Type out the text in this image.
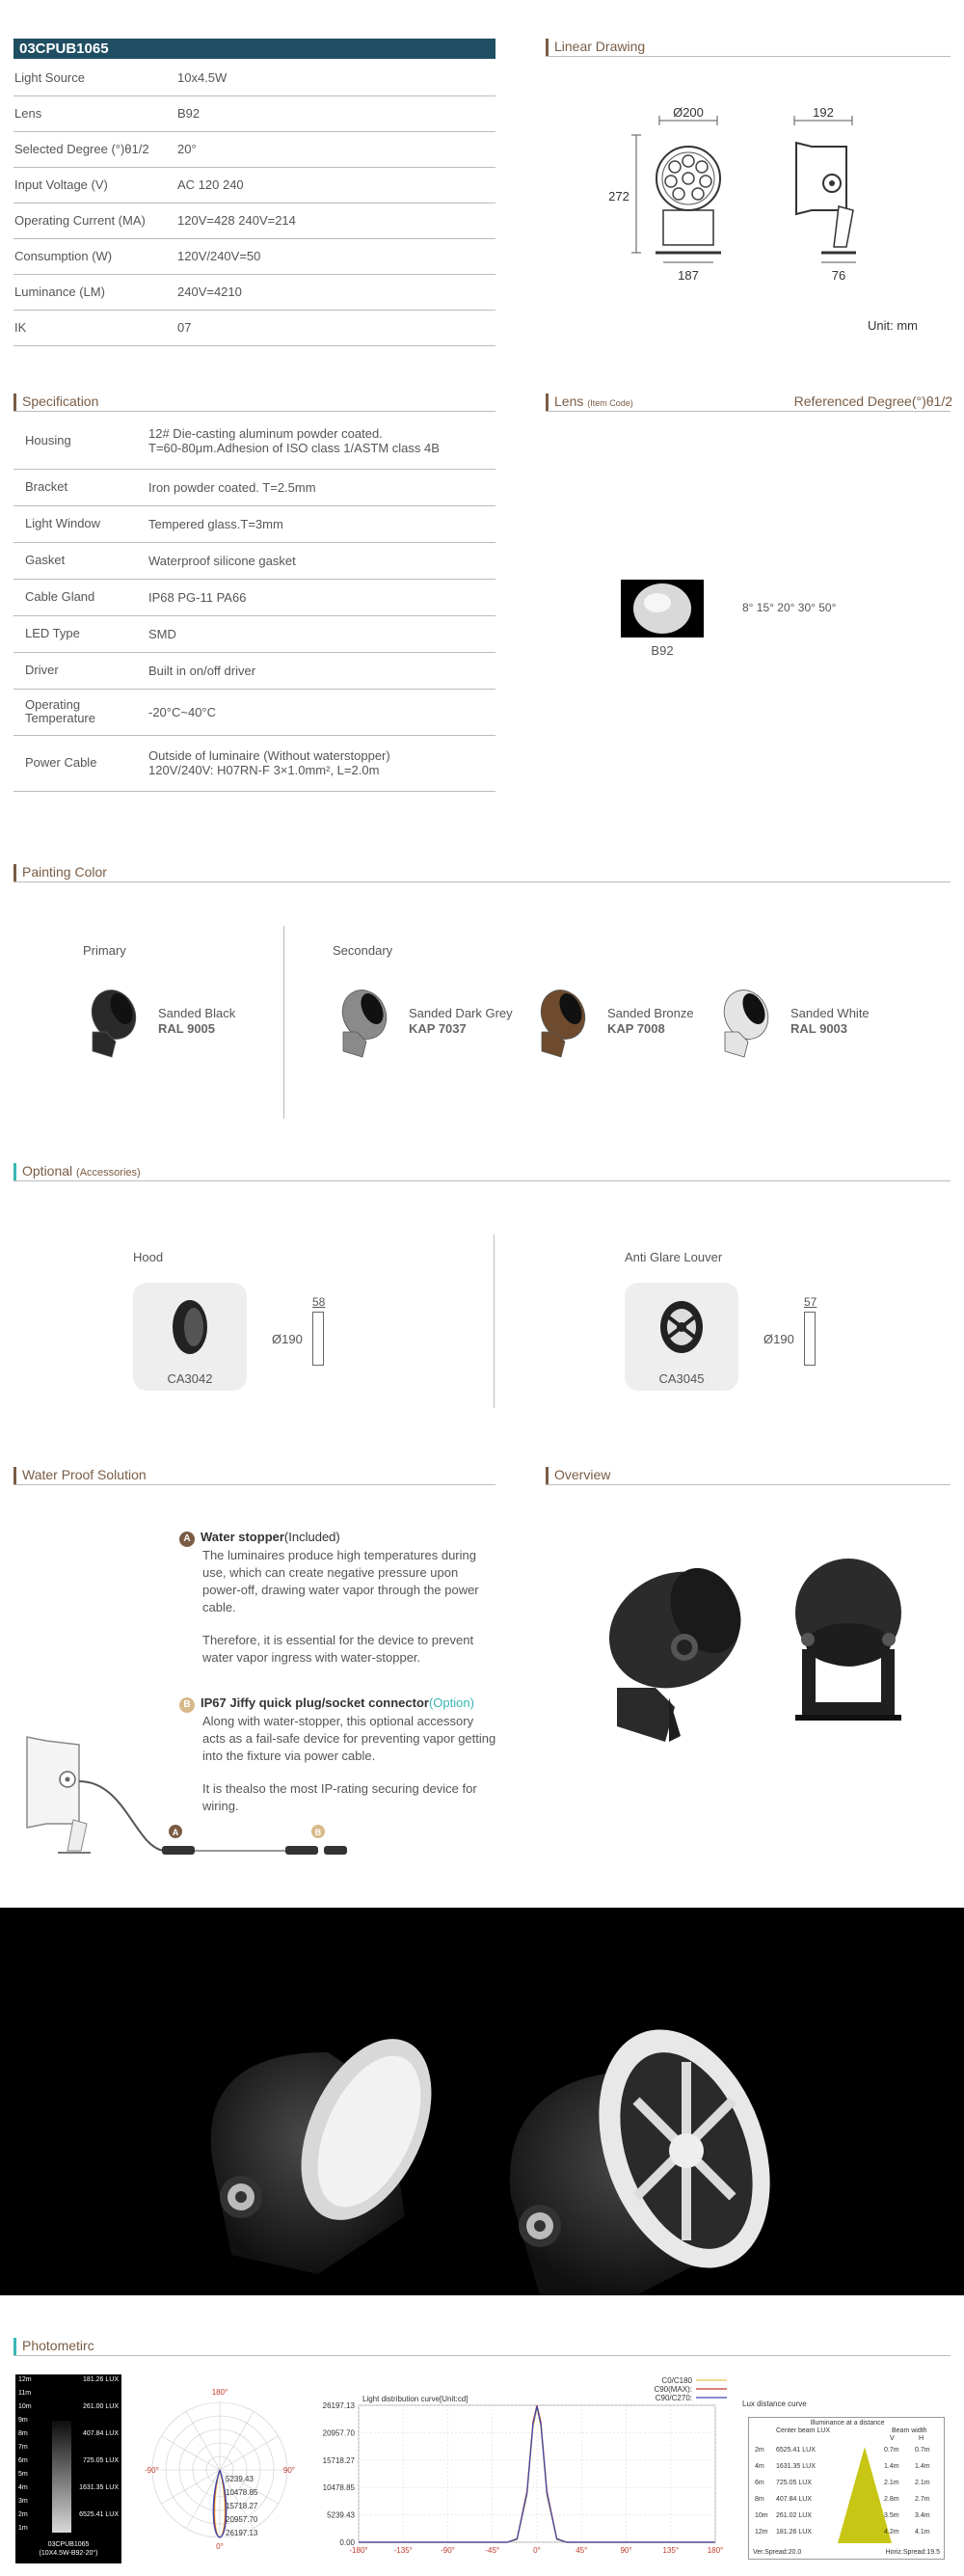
03CPUB1065
Light Source	10x4.5W
Lens	B92
Selected Degree (°)θ1/2	20°
Input Voltage (V)	AC 120 240
Operating Current (MA)	120V=428 240V=214
Consumption (W)	120V/240V=50
Luminance (LM)	240V=4210
IK	07
Linear Drawing
Ø200
272
187
192
76
Unit: mm
Specification
Housing	12# Die-casting aluminum powder coated.
T=60-80μm.Adhesion of ISO class 1/ASTM class 4B

Bracket	Iron powder coated. T=2.5mm

Light Window	Tempered glass.T=3mm

Gasket	Waterproof silicone gasket

Cable Gland	IP68 PG-11 PA66

LED Type	SMD

Driver	Built in on/off driver

Operating Temperature	-20°C~40°C

Power Cable	Outside of luminaire (Without waterstopper)
120V/240V: H07RN-F 3×1.0mm², L=2.0m
Lens (Item Code)	Referenced Degree(°)θ1/2
B92
8° 15° 20° 30° 50°
Painting Color
Primary	Secondary
Sanded Black
RAL 9005
Sanded Dark Grey
KAP 7037
Sanded Bronze
KAP 7008
Sanded White
RAL 9003
Optional (Accessories)
Hood
CA3042
58
Ø190
Anti Glare Louver
CA3045
57
Ø190
Water Proof Solution
A Water stopper(Included)
The luminaires produce high temperatures during use, which can create negative pressure upon power-off, drawing water vapor through the power cable.
Therefore, it is essential for the device to prevent water vapor ingress with water-stopper.
B IP67 Jiffy quick plug/socket connector(Option)
Along with water-stopper, this optional accessory acts as a fail-safe device for preventing vapor getting into the fixture via power cable.
It is thealso the most IP-rating securing device for wiring.
A	B
Overview
Photometirc
12m	181.26 LUX
11m
10m	261.00 LUX
9m
8m	407.84 LUX
7m
6m	725.05 LUX
5m
4m	1631.35 LUX
3m
2m	6525.41 LUX
1m
03CPUB1065
(10X4.5W-B92-20°)
180°
-90°	90°
0°
5239.43
10478.85
15718.27
20957.70
26197.13
Light distribution curve[Unit:cd]
26197.13
20957.70
15718.27
10478.85
5239.43
0.00
-180°	-135°	-90°	-45°	0°	45°	90°	135°	180°
C0/C180
C90(MAX):
C90/C270:
Lux distance curve
Illuminance at a distance
Center beam LUX	Beam width
V	H
2m 6525.41 LUX	0.7m 0.7m
4m 1631.35 LUX	1.4m 1.4m
6m 725.05 LUX	2.1m 2.1m
8m 407.84 LUX	2.8m 2.7m
10m 261.02 LUX	3.5m 3.4m
12m 181.26 LUX	4.2m 4.1m
Ver.Spread:20.0	Horiz.Spread:19.5
